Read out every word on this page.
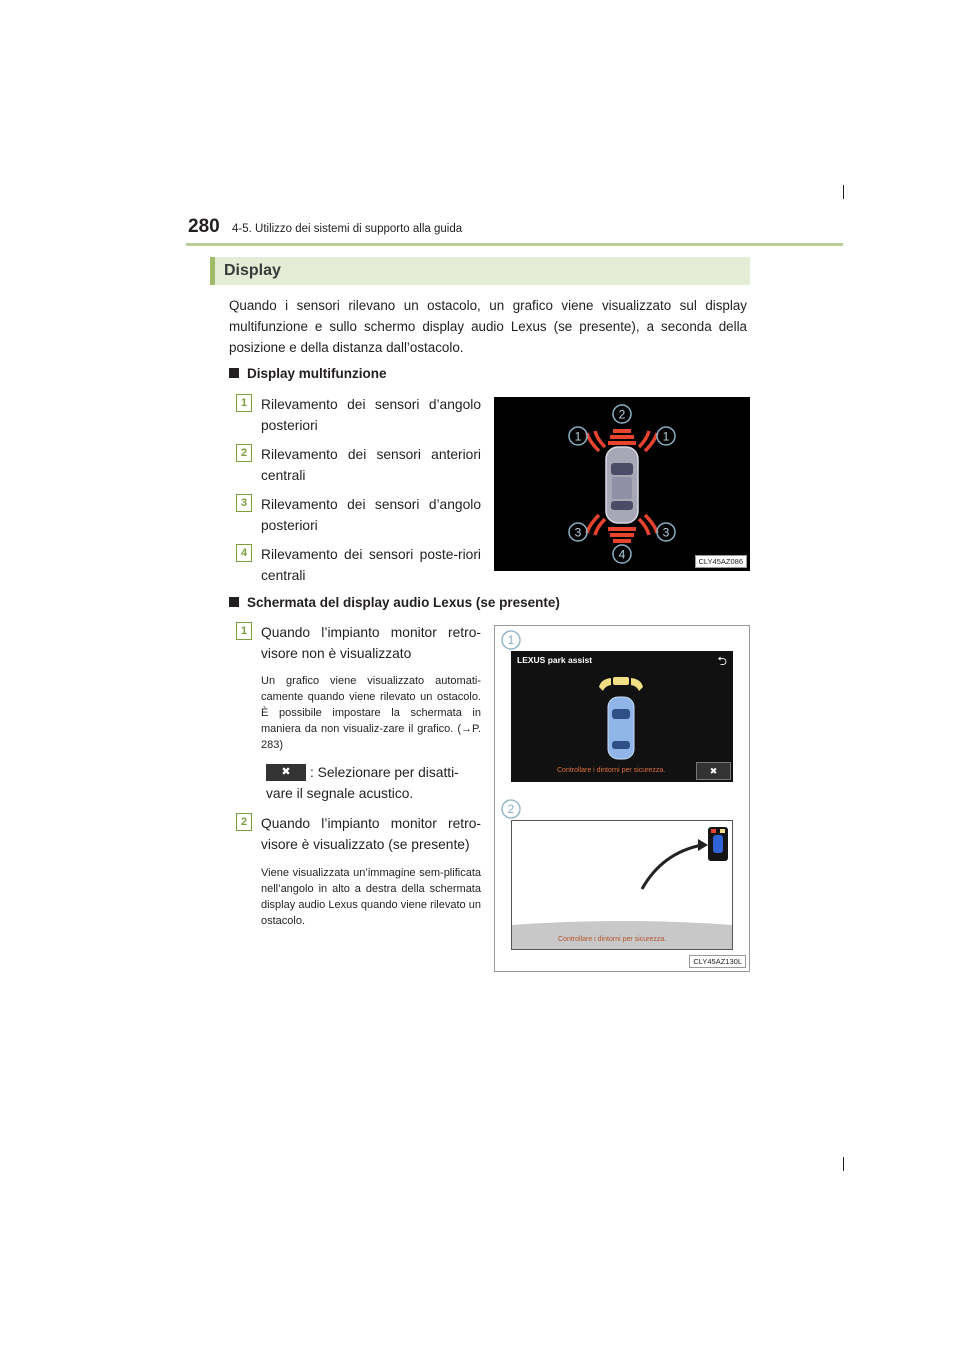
280 4-5. Utilizzo dei sistemi di supporto alla guida
Display
Quando i sensori rilevano un ostacolo, un grafico viene visualizzato sul display multifunzione e sullo schermo display audio Lexus (se presente), a seconda della posizione e della distanza dall’ostacolo.
Display multifunzione
1	Rilevamento dei sensori d’angolo posteriori
2	Rilevamento dei sensori anteriori centrali
3	Rilevamento dei sensori d’angolo posteriori
4	Rilevamento dei sensori poste-riori centrali
2
1	1
3	3
4	CLY45AZ086
Schermata del display audio Lexus (se presente)
1	Quando l’impianto monitor retro-visore non è visualizzato
Un grafico viene visualizzato automati-camente quando viene rilevato un ostacolo. È possibile impostare la schermata in maniera da non visualiz-zare il grafico. (→P. 283)
✖ : Selezionare per disatti-vare il segnale acustico.
2	Quando l’impianto monitor retro-visore è visualizzato (se presente)
Viene visualizzata un’immagine sem-plificata nell’angolo in alto a destra della schermata display audio Lexus quando viene rilevato un ostacolo.
1
LEXUS park assist	⮌
Controllare i dintorni per sicurezza.	✖
2
Controllare i dintorni per sicurezza.
CLY45AZ130L
